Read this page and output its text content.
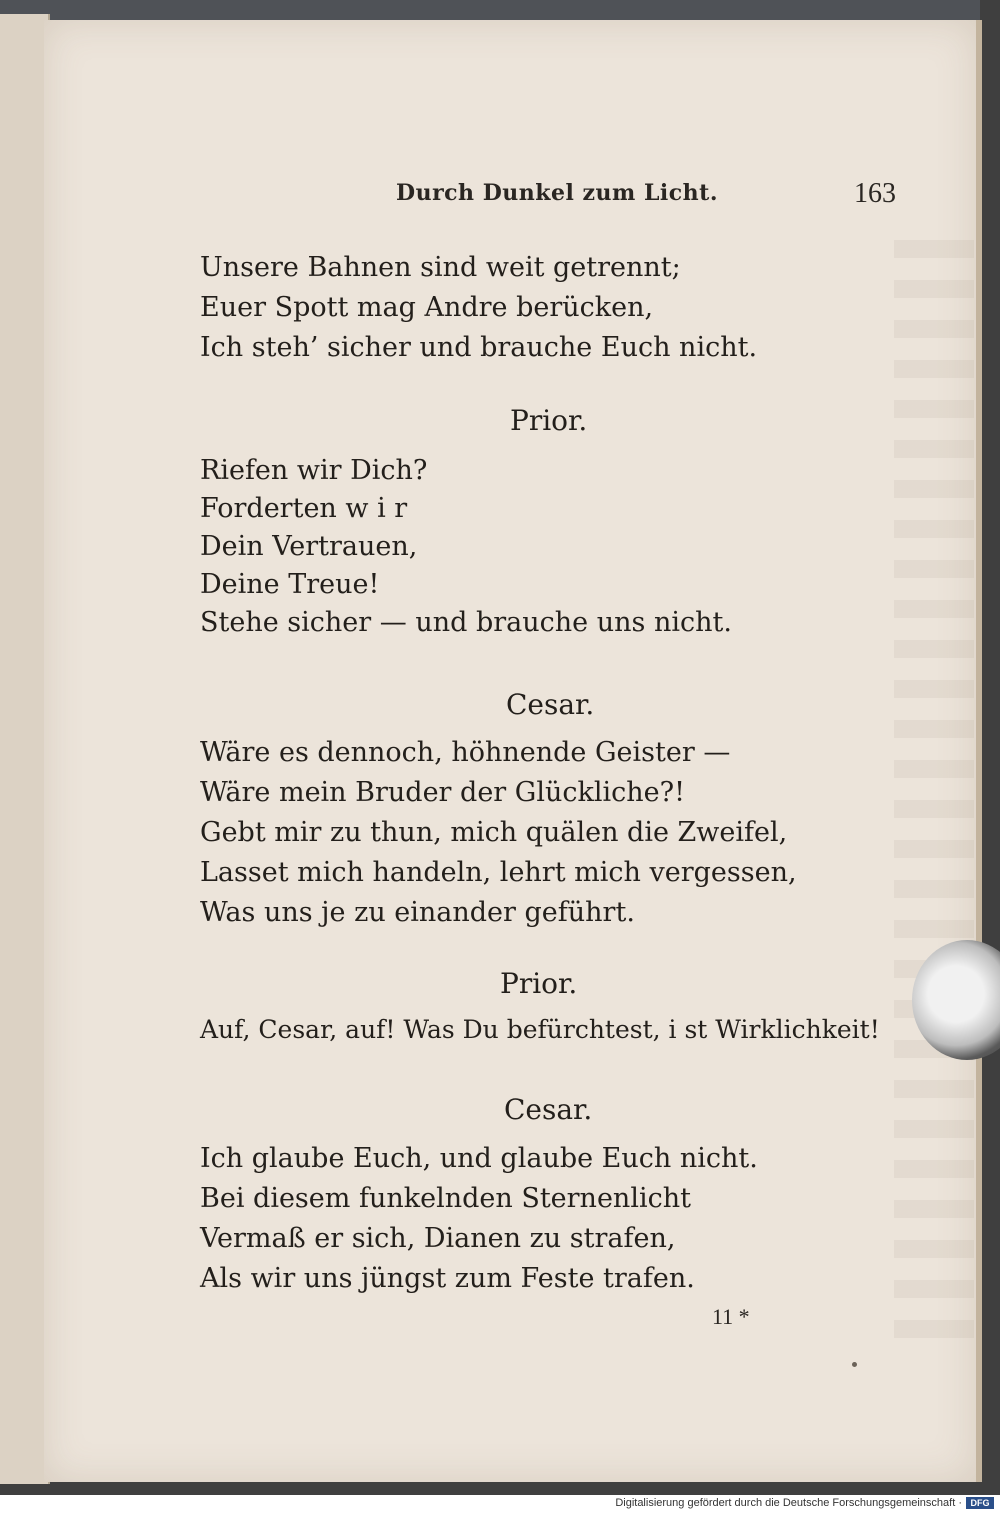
Durch Dunkel zum Licht.	163
Unsere Bahnen sind weit getrennt;
Euer Spott mag Andre berücken,
Ich steh’ sicher und brauche Euch nicht.
Prior.
Riefen wir Dich?
Forderten w i r
Dein Vertrauen,
Deine Treue!
Stehe sicher — und brauche uns nicht.
Cesar.
Wäre es dennoch, höhnende Geister —
Wäre mein Bruder der Glückliche?!
Gebt mir zu thun, mich quälen die Zweifel,
Lasset mich handeln, lehrt mich vergessen,
Was uns je zu einander geführt.
Prior.
Auf, Cesar, auf! Was Du befürchtest, i st Wirklichkeit!
Cesar.
Ich glaube Euch, und glaube Euch nicht.
Bei diesem funkelnden Sternenlicht
Vermaß er sich, Dianen zu strafen,
Als wir uns jüngst zum Feste trafen.
11 *
Digitalisierung gefördert durch die Deutsche Forschungsgemeinschaft · DFG
